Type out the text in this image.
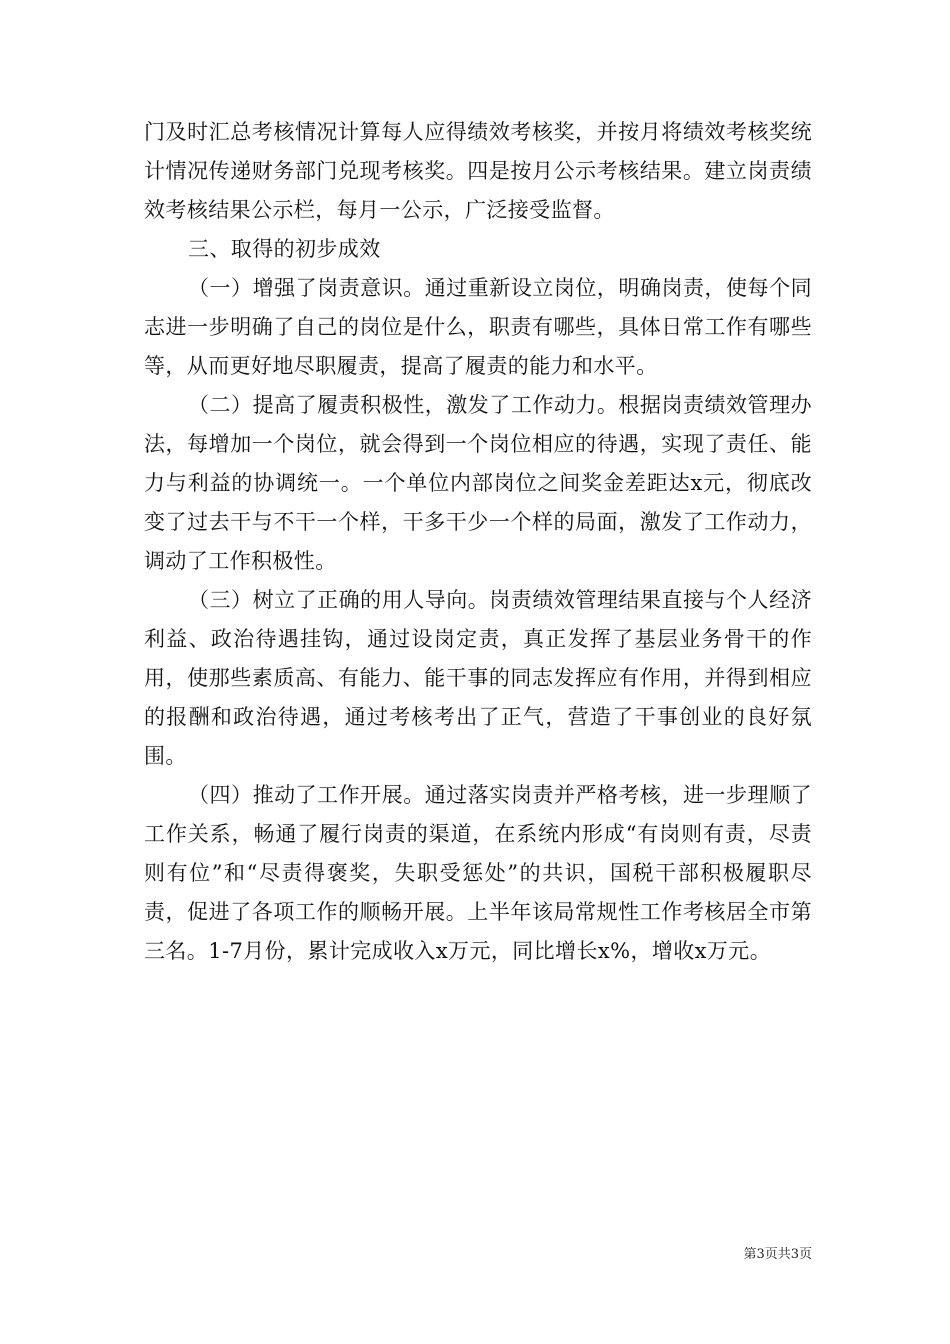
门及时汇总考核情况计算每人应得绩效考核奖，并按月将绩效考核奖统计情况传递财务部门兑现考核奖。四是按月公示考核结果。建立岗责绩效考核结果公示栏，每月一公示，广泛接受监督。

三、取得的初步成效

（一）增强了岗责意识。通过重新设立岗位，明确岗责，使每个同志进一步明确了自己的岗位是什么，职责有哪些，具体日常工作有哪些等，从而更好地尽职履责，提高了履责的能力和水平。

（二）提高了履责积极性，激发了工作动力。根据岗责绩效管理办法，每增加一个岗位，就会得到一个岗位相应的待遇，实现了责任、能力与利益的协调统一。一个单位内部岗位之间奖金差距达x元，彻底改变了过去干与不干一个样，干多干少一个样的局面，激发了工作动力，调动了工作积极性。

（三）树立了正确的用人导向。岗责绩效管理结果直接与个人经济利益、政治待遇挂钩，通过设岗定责，真正发挥了基层业务骨干的作用，使那些素质高、有能力、能干事的同志发挥应有作用，并得到相应的报酬和政治待遇，通过考核考出了正气，营造了干事创业的良好氛围。

（四）推动了工作开展。通过落实岗责并严格考核，进一步理顺了工作关系，畅通了履行岗责的渠道，在系统内形成“有岗则有责，尽责则有位”和“尽责得褒奖，失职受惩处”的共识，国税干部积极履职尽责，促进了各项工作的顺畅开展。上半年该局常规性工作考核居全市第三名。1-7月份，累计完成收入x万元，同比增长x%，增收x万元。

第3页共3页
